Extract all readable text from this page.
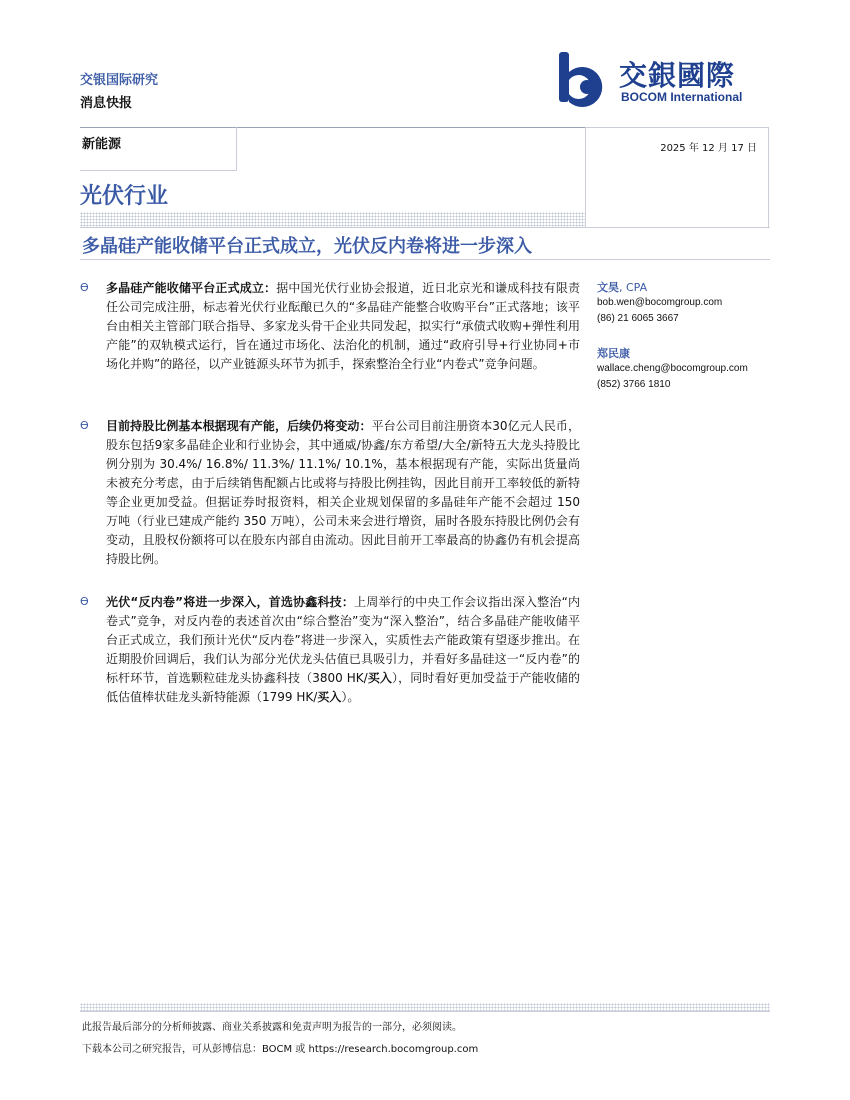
交银国际研究
消息快报
交銀國際
BOCOM International
新能源	2025 年 12 月 17 日
光伏行业
多晶硅产能收储平台正式成立，光伏反内卷将进一步深入
ϴ 多晶硅产能收储平台正式成立：据中国光伏行业协会报道，近日北京光和谦成科技有限责任公司完成注册，标志着光伏行业酝酿已久的“多晶硅产能整合收购平台”正式落地；该平台由相关主管部门联合指导、多家龙头骨干企业共同发起，拟实行“承债式收购+弹性利用产能”的双轨模式运行，旨在通过市场化、法治化的机制，通过“政府引导+行业协同+市场化并购”的路径，以产业链源头环节为抓手，探索整治全行业“内卷式”竞争问题。
ϴ 目前持股比例基本根据现有产能，后续仍将变动：平台公司目前注册资本30亿元人民币，股东包括9家多晶硅企业和行业协会，其中通威/协鑫/东方希望/大全/新特五大龙头持股比例分别为 30.4%/ 16.8%/ 11.3%/ 11.1%/ 10.1%，基本根据现有产能，实际出货量尚未被充分考虑，由于后续销售配额占比或将与持股比例挂钩，因此目前开工率较低的新特等企业更加受益。但据证券时报资料，相关企业规划保留的多晶硅年产能不会超过 150 万吨（行业已建成产能约 350 万吨），公司未来会进行增资，届时各股东持股比例仍会有变动，且股权份额将可以在股东内部自由流动。因此目前开工率最高的协鑫仍有机会提高持股比例。
ϴ 光伏“反内卷”将进一步深入，首选协鑫科技：上周举行的中央工作会议指出深入整治“内卷式”竞争，对反内卷的表述首次由“综合整治”变为“深入整治”，结合多晶硅产能收储平台正式成立，我们预计光伏“反内卷”将进一步深入，实质性去产能政策有望逐步推出。在近期股价回调后，我们认为部分光伏龙头估值已具吸引力，并看好多晶硅这一“反内卷”的标杆环节，首选颗粒硅龙头协鑫科技（3800 HK/买入），同时看好更加受益于产能收储的低估值棒状硅龙头新特能源（1799 HK/买入）。
文昊, CPA
bob.wen@bocomgroup.com
(86) 21 6065 3667
郑民康
wallace.cheng@bocomgroup.com
(852) 3766 1810
此报告最后部分的分析师披露、商业关系披露和免责声明为报告的一部分，必须阅读。
下载本公司之研究报告，可从彭博信息：BOCM 或 https://research.bocomgroup.com
